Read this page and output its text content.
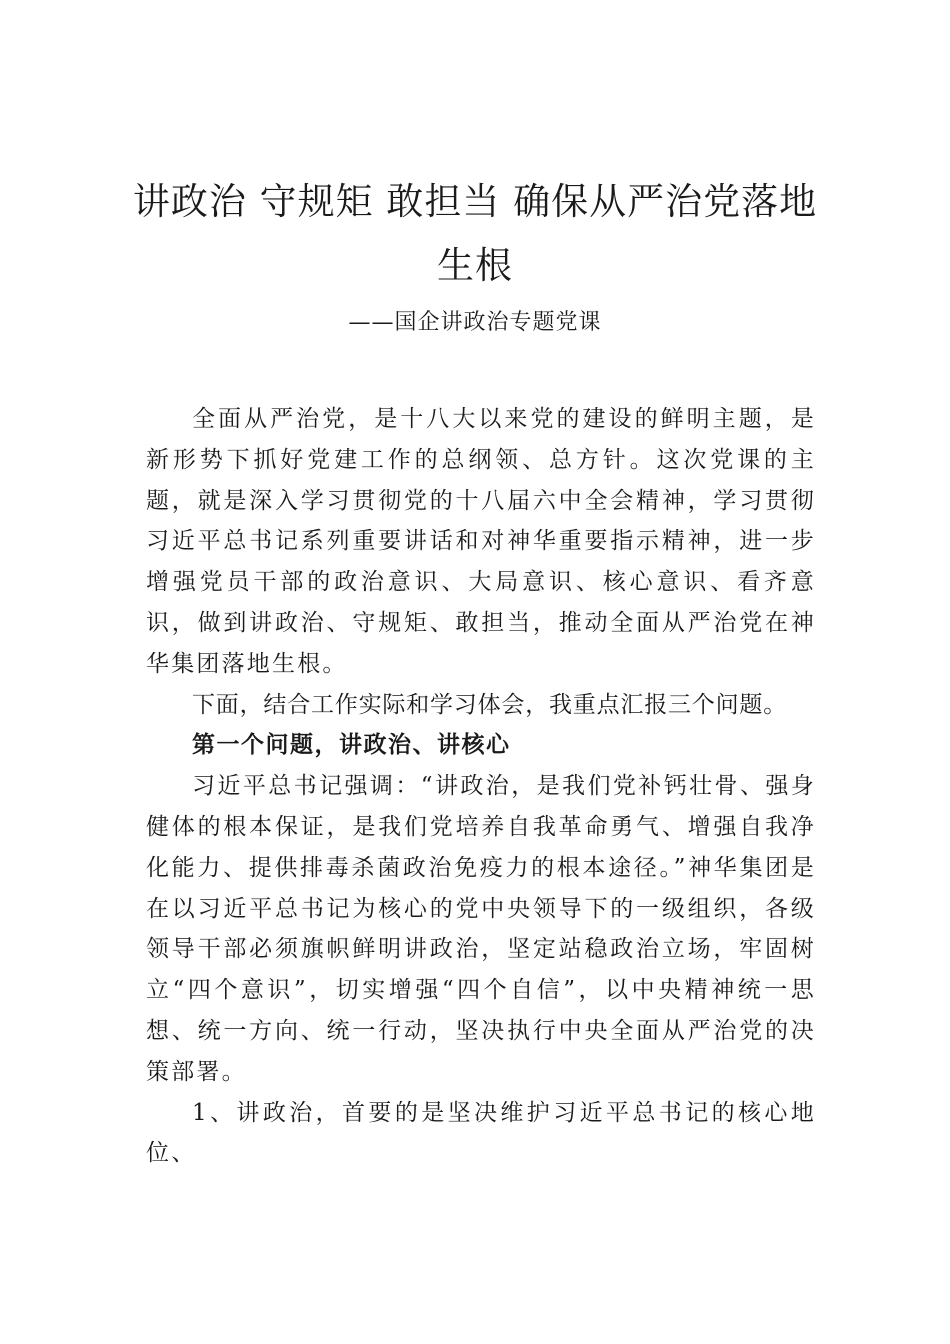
讲政治 守规矩 敢担当 确保从严治党落地
生根
——国企讲政治专题党课

全面从严治党，是十八大以来党的建设的鲜明主题，是新形势下抓好党建工作的总纲领、总方针。这次党课的主题，就是深入学习贯彻党的十八届六中全会精神，学习贯彻习近平总书记系列重要讲话和对神华重要指示精神，进一步增强党员干部的政治意识、大局意识、核心意识、看齐意识，做到讲政治、守规矩、敢担当，推动全面从严治党在神华集团落地生根。

下面，结合工作实际和学习体会，我重点汇报三个问题。

第一个问题，讲政治、讲核心

习近平总书记强调：“讲政治，是我们党补钙壮骨、强身健体的根本保证，是我们党培养自我革命勇气、增强自我净化能力、提供排毒杀菌政治免疫力的根本途径。”神华集团是在以习近平总书记为核心的党中央领导下的一级组织，各级领导干部必须旗帜鲜明讲政治，坚定站稳政治立场，牢固树立“四个意识”，切实增强“四个自信”，以中央精神统一思想、统一方向、统一行动，坚决执行中央全面从严治党的决策部署。

1、讲政治，首要的是坚决维护习近平总书记的核心地位、
